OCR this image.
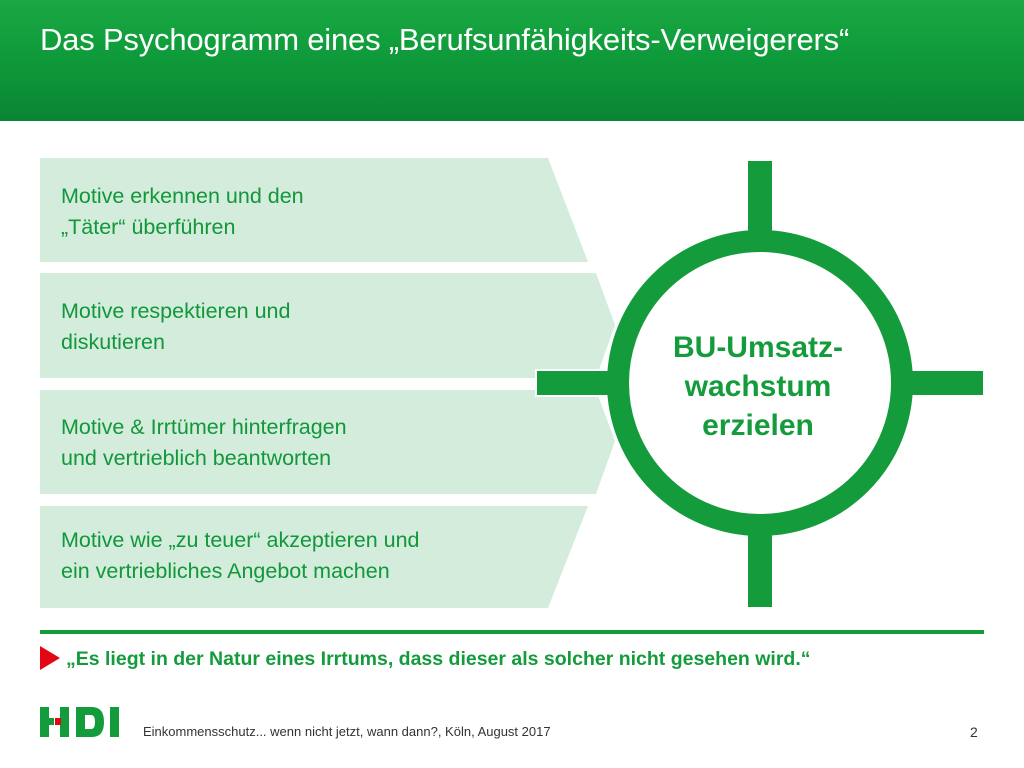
Das Psychogramm eines „Berufsunfähigkeits-Verweigerers“
Motive erkennen und den
„Täter“ überführen
Motive respektieren und
diskutieren
Motive & Irrtümer hinterfragen
und vertrieblich beantworten
Motive wie „zu teuer“ akzeptieren und
ein vertriebliches Angebot machen
BU-Umsatz-
wachstum
erzielen
„Es liegt in der Natur eines Irrtums, dass dieser als solcher nicht gesehen wird.“
Einkommensschutz... wenn nicht jetzt, wann dann?, Köln, August 2017	2
